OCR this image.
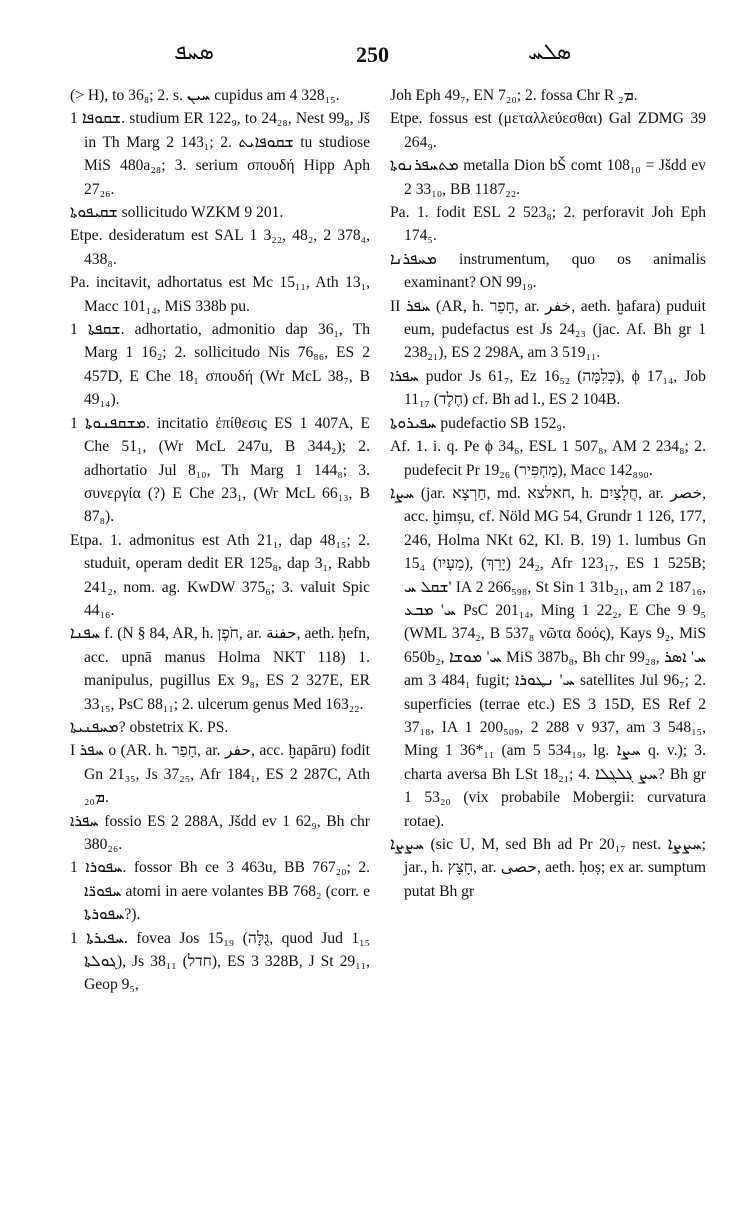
ܣܚܦ	250	ܣܠܚ

(> H), to 36₈; 2. s. ܚܝܢ cupidus am 4 328₁₅.

ܫܩܘܦܐ 1. studium ER 122₉, to 24₂₈, Nest 99₈, Jš in Th Marg 2 143₁; 2. ܫܩܘܦܐܝܬ tu studiose MiS 480a₂₈; 3. serium σπουδή Hipp Aph 27₂₆.

ܫܩܝܦܘܬܐ sollicitudo WZKM 9 201.

Etpe. desideratum est SAL 1 3₂₂, 48₂, 2 378₄, 438₈.

Pa. incitavit, adhortatus est Mc 15₁₁, Ath 13₁, Macc 101₁₄, MiS 338b pu.

ܫܩܦܬܐ 1. adhortatio, admonitio dap 36₁, Th Marg 1 16₂; 2. sollicitudo Nis 76₈₆, ES 2 457D, E Che 18₁ σπουδή (Wr McL 38₇, B 49₁₄).

ܡܫܩܦܢܘܬܐ 1. incitatio ἐπίθεσις ES 1 407A, E Che 51₁, (Wr McL 247u, B 344₂); 2. adhortatio Jul 8₁₀, Th Marg 1 144₈; 3. συνεργία (?) E Che 23₁, (Wr McL 66₁₃, B 87₈).

Etpa. 1. admonitus est Ath 21₁, dap 48₁₅; 2. studuit, operam dedit ER 125₈, dap 3₁, Rabb 241₂, nom. ag. KwDW 375₆; 3. valuit Spic 44₁₆.

ܚܦܢܐ f. (N § 84, AR, h. חֹפֶן, ar. حفنة, aeth. ḥefn, acc. upnā manus Holma NKT 118) 1. manipulus, pugillus Ex 9₈, ES 2 327E, ER 33₁₅, PsC 88₁₁; 2. ulcerum genus Med 163₂₂.

ܡܚܦܢܝܬܐ? obstetrix K. PS.

I ܚܦܪ o (AR. h. חָפַר, ar. حفر, acc. ḫapāru) fodit Gn 21₃₅, Js 37₂₅, Afr 184₁, ES 2 287C, Ath ܡ₂₀.

ܚܦܪܐ fossio ES 2 288A, Jšdd ev 1 62₉, Bh chr 380₂₆.

ܚܦܘܪܐ 1. fossor Bh ce 3 463u, BB 767₂₀; 2. ܚܦܘܪ̈ܐ atomi in aere volantes BB 768₂ (corr. e ܚܦܘܪܬܐ?).

ܚܦܝܪܬܐ 1. fovea Jos 15₁₉ (גֻּלָּה, quod Jud 1₁₅ ܓܘܠܬܐ), Js 38₁₁ (חדל), ES 3 328B, J St 29₁₁, Geop 9₅,

Joh Eph 49₇, EN 7₂₀; 2. fossa Chr R ܡ₂.

Etpe. fossus est (μεταλλεύεσθαι) Gal ZDMG 39 264₉.

ܡܬܚܦܪܢܘܬܐ metalla Dion bŠ comt 108₁₀ = Jšdd ev 2 33₁₀, BB 1187₂₂.

Pa. 1. fodit ESL 2 523₈; 2. perforavit Joh Eph 174₅.

ܡܚܦܪܢܐ instrumentum, quo os animalis examinant? ON 99₁₉.

II ܚܦܪ (AR, h. חָפֵר, ar. خفر, aeth. ḫafara) puduit eum, pudefactus est Js 24₂₃ (jac. Af. Bh gr 1 238₂₁), ES 2 298A, am 3 519₁₁.

ܚܦܪܐ pudor Js 61₇, Ez 16₅₂ (כְּלִמָּה), ϕ 17₁₄, Job 11₁₇ (חֶלֶד) cf. Bh ad l., ES 2 104B.

ܚܦܝܪܘܬܐ pudefactio SB 152₉.

Af. 1. i. q. Pe ϕ 34₆, ESL 1 507₈, AM 2 234₈; 2. pudefecit Pr 19₂₆ (מַחְפִּיר), Macc 142₈₉₀.

ܚܨܐ (jar. חַרְצָא, md. חאלצא, h. חֲלָצַיִם, ar. خصر, acc. ḫimṣu, cf. Nöld MG 54, Grundr 1 126, 177, 246, Holma NKt 62, Kl. B. 19) 1. lumbus Gn 15₄ (מֵעָיו), 24₂ (יָרֵךְ), Afr 123₁₇, ES 1 525B; ܫܩܠ ܚ' IA 2 266₅₉₈, St Sin 1 31b₂₁, am 2 187₁₆, ܚ' ܡܒܥ PsC 201₁₄, Ming 1 22₂, E Che 9 9₅ (WML 374₂, B 537₈ νῶτα δοός), Kays 9₂, MiS 650b₂, ܚ' ܡܘܫܐ MiS 387b₈, Bh chr 99₂₈, ܚ' ܐܣܪ am 3 484₁ fugit; ܚ' ܢܛܘܪܐ satellites Jul 96₇; 2. superficies (terrae etc.) ES 3 15D, ES Ref 2 37₁₈, IA 1 200₅₀₉, 2 288 v 937, am 3 548₁₅, Ming 1 36*₁₁ (am 5 534₁₉, lg. ܚܨܐ q. v.); 3. charta aversa Bh LSt 18₂₁; 4. ܚܨ ܓܠܓܠܐ? Bh gr 1 53₂₀ (vix probabile Mobergii: curvatura rotae).

ܚܨܨܐ (sic U, M, sed Bh ad Pr 20₁₇ nest. ܚܨܨܐ; jar., h. חָצָץ, ar. حصى, aeth. ḥoṣ; ex ar. sumptum putat Bh gr
